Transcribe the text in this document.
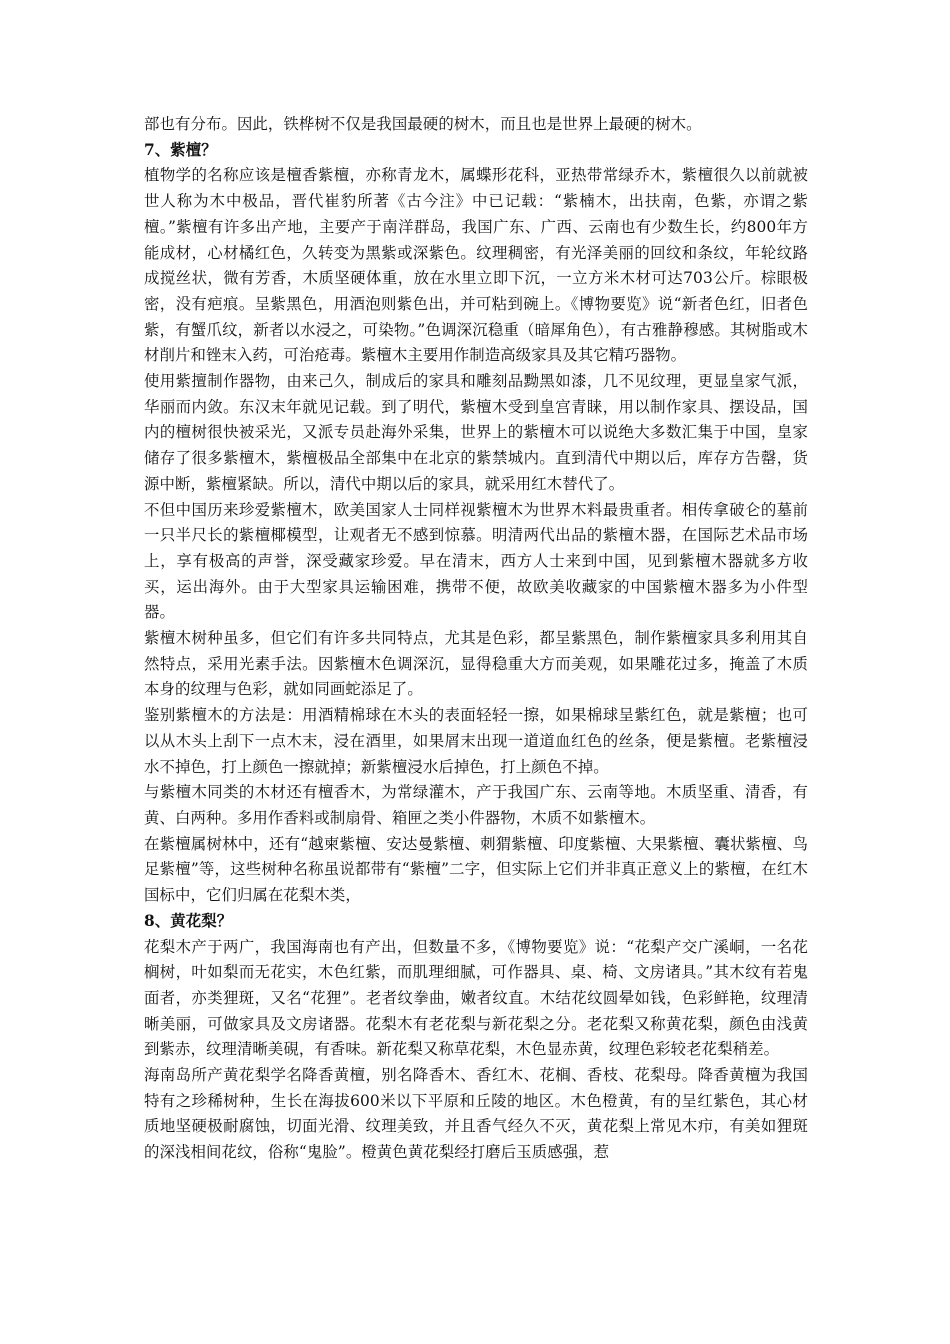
部也有分布。因此，铁桦树不仅是我国最硬的树木，而且也是世界上最硬的树木。

7、紫檀？

植物学的名称应该是檀香紫檀，亦称青龙木，属蝶形花科，亚热带常绿乔木，紫檀很久以前就被世人称为木中极品，晋代崔豹所著《古今注》中已记载：“紫楠木，出扶南，色紫，亦谓之紫檀。”紫檀有许多出产地，主要产于南洋群岛，我国广东、广西、云南也有少数生长，约800年方能成材，心材橘红色，久转变为黑紫或深紫色。纹理稠密，有光泽美丽的回纹和条纹，年轮纹路成搅丝状，微有芳香，木质坚硬体重，放在水里立即下沉，一立方米木材可达703公斤。棕眼极密，没有疤痕。呈紫黑色，用酒泡则紫色出，并可粘到碗上。《博物要览》说“新者色红，旧者色紫，有蟹爪纹，新者以水浸之，可染物。”色调深沉稳重（暗犀角色），有古雅静穆感。其树脂或木材削片和锉末入药，可治疮毒。紫檀木主要用作制造高级家具及其它精巧器物。

使用紫擅制作器物，由来己久，制成后的家具和雕刻品黝黑如漆，几不见纹理，更显皇家气派，华丽而内敛。东汉末年就见记载。到了明代，紫檀木受到皇宫青睐，用以制作家具、摆设品，国内的檀树很快被采光，又派专员赴海外采集，世界上的紫檀木可以说绝大多数汇集于中国，皇家储存了很多紫檀木，紫檀极品全部集中在北京的紫禁城内。直到清代中期以后，库存方告罄，货源中断，紫檀紧缺。所以，清代中期以后的家具，就采用红木替代了。

不但中国历来珍爱紫檀木，欧美国家人士同样视紫檀木为世界木料最贵重者。相传拿破仑的墓前一只半尺长的紫檀椰模型，让观者无不感到惊慕。明清两代出品的紫檀木器，在国际艺术品市场上，享有极高的声誉，深受藏家珍爱。早在清末，西方人士来到中国，见到紫檀木器就多方收买，运出海外。由于大型家具运输困难，携带不便，故欧美收藏家的中国紫檀木器多为小件型器。

紫檀木树种虽多，但它们有许多共同特点，尤其是色彩，都呈紫黑色，制作紫檀家具多利用其自然特点，采用光素手法。因紫檀木色调深沉，显得稳重大方而美观，如果雕花过多，掩盖了木质本身的纹理与色彩，就如同画蛇添足了。

鉴别紫檀木的方法是：用酒精棉球在木头的表面轻轻一擦，如果棉球呈紫红色，就是紫檀；也可以从木头上刮下一点木末，浸在酒里，如果屑末出现一道道血红色的丝条，便是紫檀。老紫檀浸水不掉色，打上颜色一擦就掉；新紫檀浸水后掉色，打上颜色不掉。

与紫檀木同类的木材还有檀香木，为常绿灌木，产于我国广东、云南等地。木质坚重、清香，有黄、白两种。多用作香料或制扇骨、箱匣之类小件器物，木质不如紫檀木。

在紫檀属树林中，还有“越柬紫檀、安达曼紫檀、刺猬紫檀、印度紫檀、大果紫檀、囊状紫檀、鸟足紫檀”等，这些树种名称虽说都带有“紫檀”二字，但实际上它们并非真正意义上的紫檀，在红木国标中，它们归属在花梨木类，

8、黄花梨？

花梨木产于两广，我国海南也有产出，但数量不多，《博物要览》说：“花梨产交广溪峒，一名花榈树，叶如梨而无花实，木色红紫，而肌理细腻，可作器具、桌、椅、文房诸具。”其木纹有若鬼面者，亦类狸斑，又名“花狸”。老者纹拳曲，嫩者纹直。木结花纹圆晕如钱，色彩鲜艳，纹理清晰美丽，可做家具及文房诸器。花梨木有老花梨与新花梨之分。老花梨又称黄花梨，颜色由浅黄到紫赤，纹理清晰美硯，有香味。新花梨又称草花梨，木色显赤黄，纹理色彩较老花梨稍差。

海南岛所产黄花梨学名降香黄檀，别名降香木、香红木、花榈、香枝、花梨母。降香黄檀为我国特有之珍稀树种，生长在海拔600米以下平原和丘陵的地区。木色橙黄，有的呈红紫色，其心材质地坚硬极耐腐蚀，切面光滑、纹理美致，并且香气经久不灭，黄花梨上常见木疖，有美如狸斑的深浅相间花纹，俗称“鬼脸”。橙黄色黄花梨经打磨后玉质感强，惹
